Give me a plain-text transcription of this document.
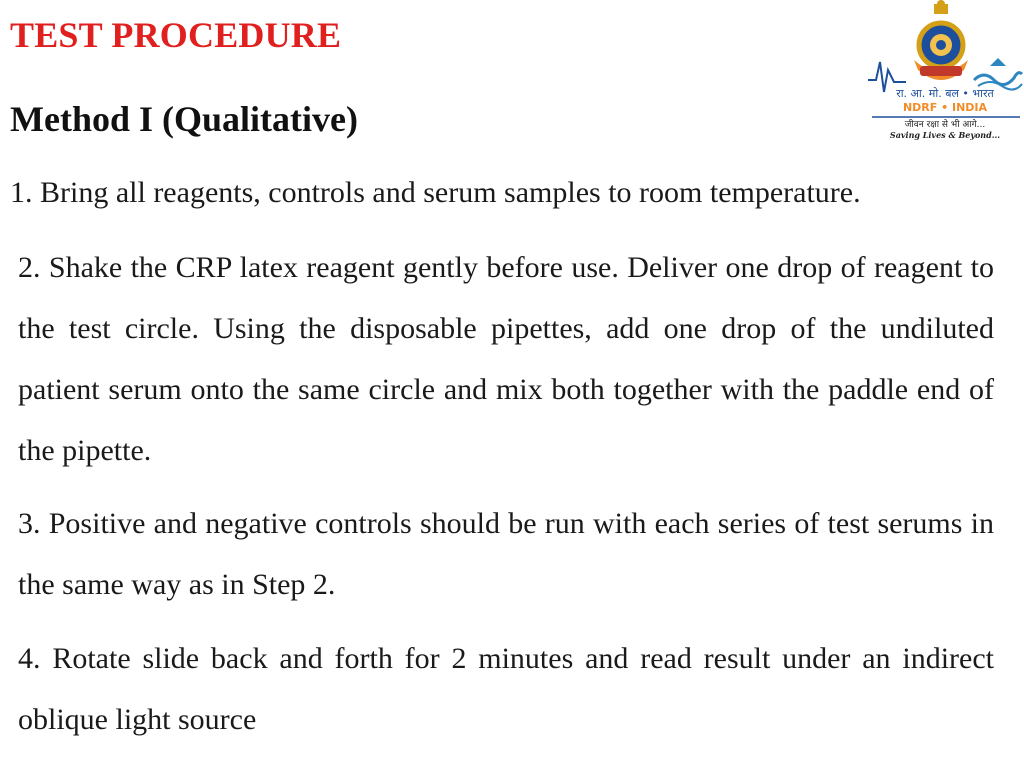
TEST PROCEDURE
Method I (Qualitative)
1. Bring all reagents, controls and serum samples to room temperature.
2. Shake the CRP latex reagent gently before use. Deliver one drop of reagent to the test circle. Using the disposable pipettes, add one drop of the undiluted patient serum onto the same circle and mix both together with the paddle end of the pipette.
3. Positive and negative controls should be run with each series of test serums in the same way as in Step 2.
4. Rotate slide back and forth for 2 minutes and read result under an indirect oblique light source
रा. आ. मो. बल • भारत
NDRF • INDIA
जीवन रक्षा से भी आगे...
Saving Lives & Beyond...
